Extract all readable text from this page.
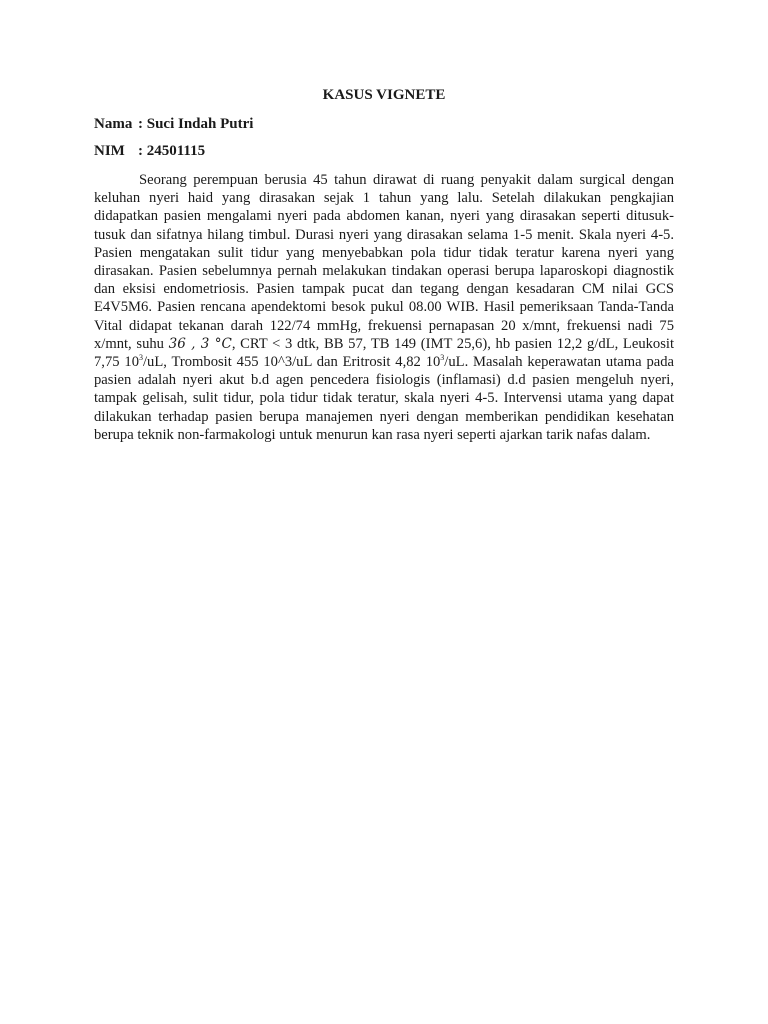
KASUS VIGNETE
Nama : Suci Indah Putri
NIM : 24501115

Seorang perempuan berusia 45 tahun dirawat di ruang penyakit dalam surgical dengan keluhan nyeri haid yang dirasakan sejak 1 tahun yang lalu. Setelah dilakukan pengkajian didapatkan pasien mengalami nyeri pada abdomen kanan, nyeri yang dirasakan seperti ditusuk-tusuk dan sifatnya hilang timbul. Durasi nyeri yang dirasakan selama 1-5 menit. Skala nyeri 4-5. Pasien mengatakan sulit tidur yang menyebabkan pola tidur tidak teratur karena nyeri yang dirasakan. Pasien sebelumnya pernah melakukan tindakan operasi berupa laparoskopi diagnostik dan eksisi endometriosis. Pasien tampak pucat dan tegang dengan kesadaran CM nilai GCS E4V5M6. Pasien rencana apendektomi besok pukul 08.00 WIB. Hasil pemeriksaan Tanda-Tanda Vital didapat tekanan darah 122/74 mmHg, frekuensi pernapasan 20 x/mnt, frekuensi nadi 75 x/mnt, suhu 36 , 3 °C, CRT < 3 dtk, BB 57, TB 149 (IMT 25,6), hb pasien 12,2 g/dL, Leukosit 7,75 $10^3/uL$, Trombosit 455 10^3/uL dan Eritrosit 4,82 $10^3/uL$. Masalah keperawatan utama pada pasien adalah nyeri akut b.d agen pencedera fisiologis (inflamasi) d.d pasien mengeluh nyeri, tampak gelisah, sulit tidur, pola tidur tidak teratur, skala nyeri 4-5. Intervensi utama yang dapat dilakukan terhadap pasien berupa manajemen nyeri dengan memberikan pendidikan kesehatan berupa teknik non-farmakologi untuk menurun kan rasa nyeri seperti ajarkan tarik nafas dalam.
